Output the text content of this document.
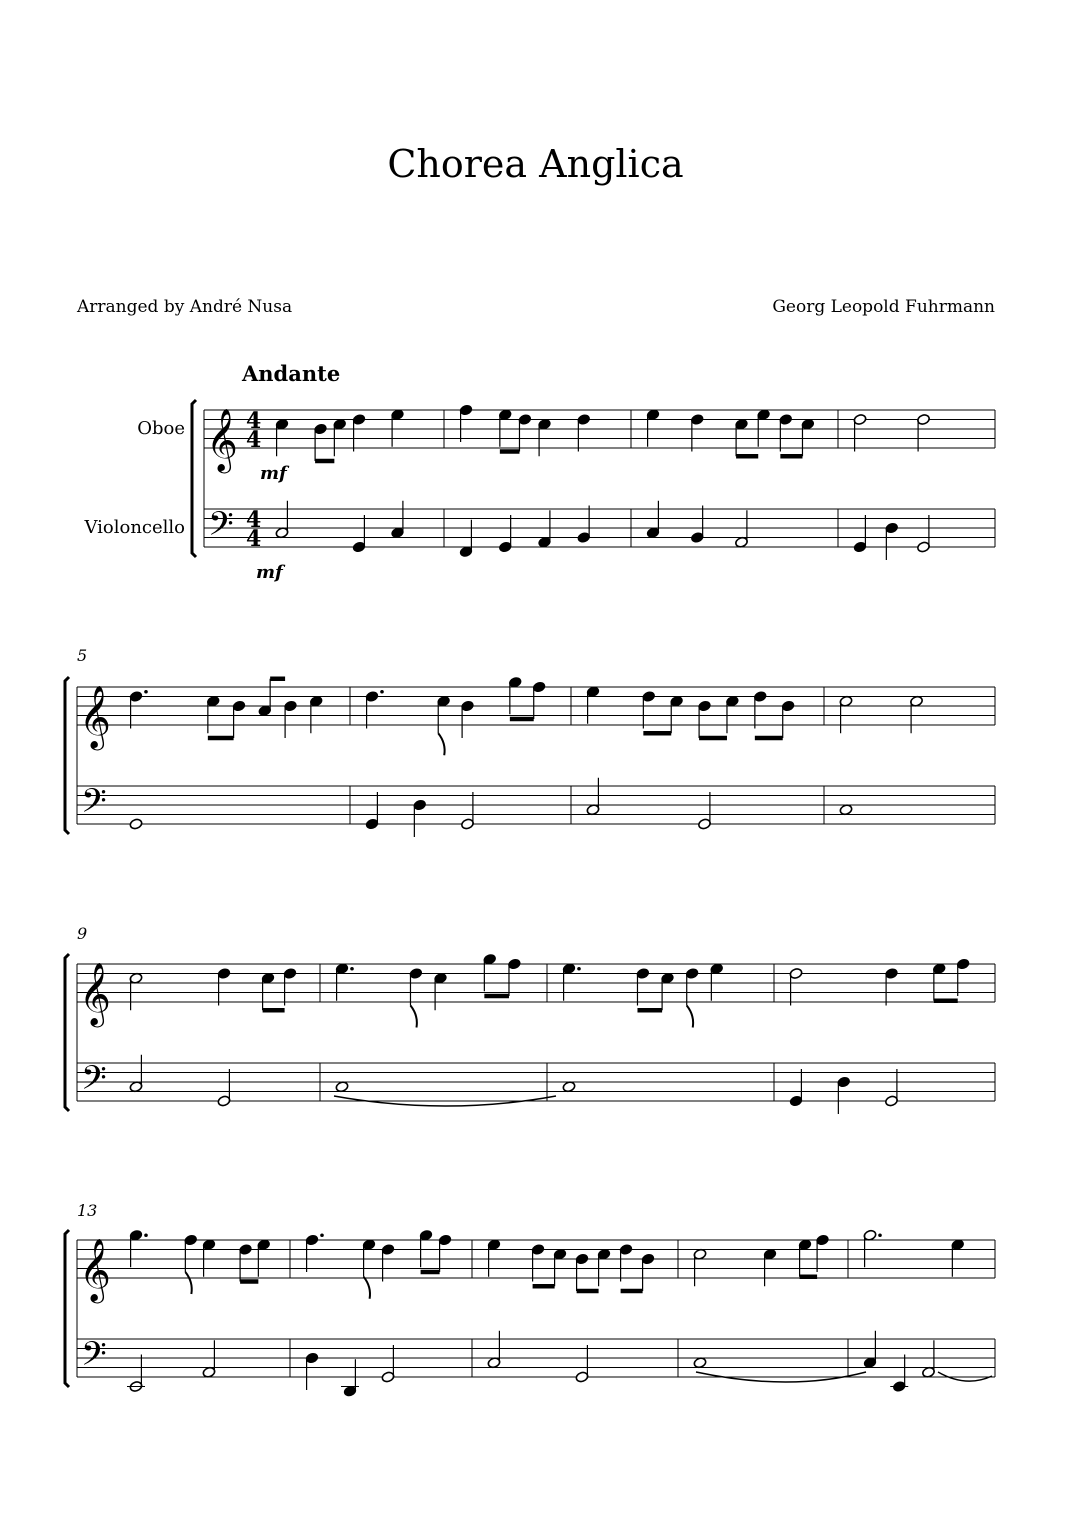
Chorea Anglica
Arranged by André Nusa	Georg Leopold Fuhrmann
Andante
Oboe
Violoncello
mf
mf
5
9
13
𝄞
𝄢
4
4
4
4
𝄞
𝄢
𝄞
𝄢
𝄞
𝄢
